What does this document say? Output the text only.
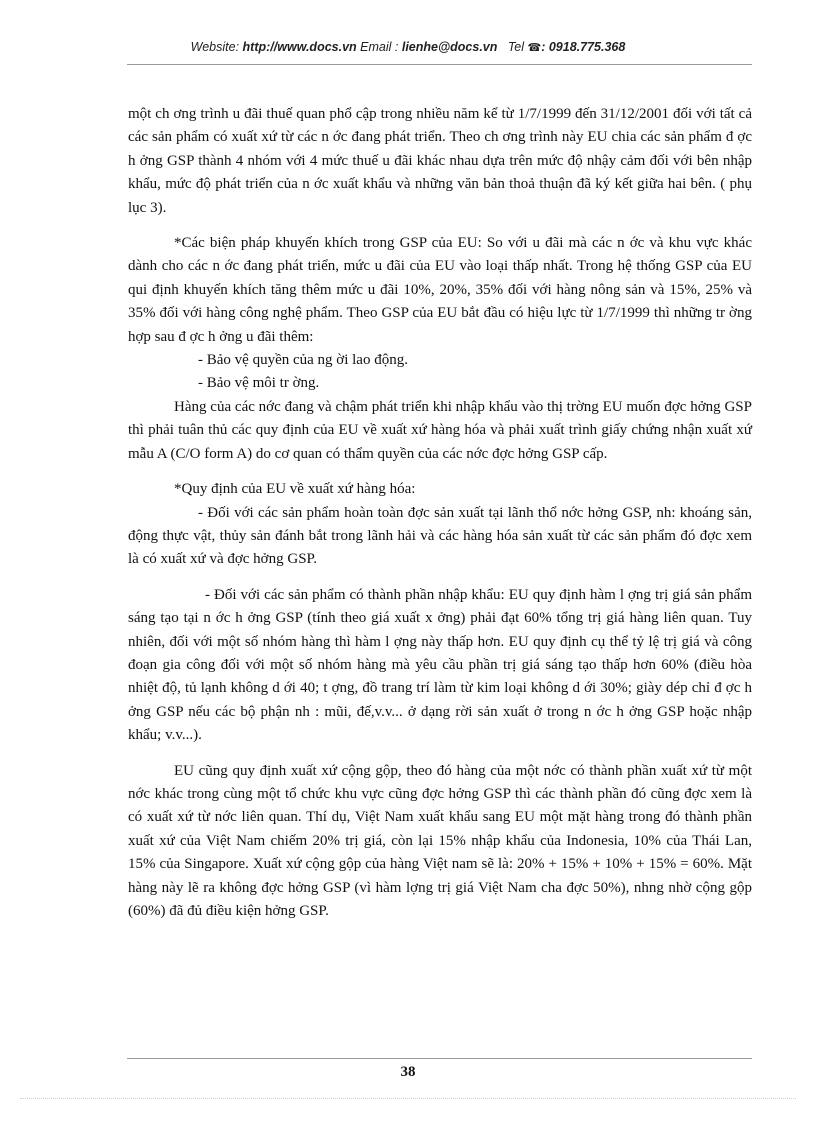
Website: http://www.docs.vn Email : lienhe@docs.vn Tel ☎: 0918.775.368

một ch ơng trình u đãi thuế quan phổ cập trong nhiều năm kể từ 1/7/1999 đến 31/12/2001 đối với tất cả các sản phẩm có xuất xứ từ các n ớc đang phát triển. Theo ch ơng trình này EU chia các sản phẩm đ ợc h ởng GSP thành 4 nhóm với 4 mức thuế u đãi khác nhau dựa trên mức độ nhậy cảm đối với bên nhập khẩu, mức độ phát triển của n ớc xuất khẩu và những văn bản thoả thuận đã ký kết giữa hai bên. ( phụ lục 3).

*Các biện pháp khuyến khích trong GSP của EU: So với u đãi mà các n ớc và khu vực khác dành cho các n ớc đang phát triển, mức u đãi của EU vào loại thấp nhất. Trong hệ thống GSP của EU qui định khuyến khích tăng thêm mức u đãi 10%, 20%, 35% đối với hàng nông sản và 15%, 25% và 35% đối với hàng công nghệ phẩm. Theo GSP của EU bắt đầu có hiệu lực từ 1/7/1999 thì những tr ờng hợp sau đ ợc h ởng u đãi thêm:

- Bảo vệ quyền của ng ời lao động.

- Bảo vệ môi tr ờng.

Hàng của các nớc đang và chậm phát triển khi nhập khẩu vào thị trờng EU muốn đợc hởng GSP thì phải tuân thủ các quy định của EU về xuất xứ hàng hóa và phải xuất trình giấy chứng nhận xuất xứ mẫu A (C/O form A) do cơ quan có thẩm quyền của các nớc đợc hởng GSP cấp.

*Quy định của EU về xuất xứ hàng hóa:

- Đối với các sản phẩm hoàn toàn đợc sản xuất tại lãnh thổ nớc hởng GSP, nh: khoáng sản, động thực vật, thủy sản đánh bắt trong lãnh hải và các hàng hóa sản xuất từ các sản phẩm đó đợc xem là có xuất xứ và đợc hởng GSP.

- Đối với các sản phẩm có thành phần nhập khẩu: EU quy định hàm l ợng trị giá sản phẩm sáng tạo tại n ớc h ởng GSP (tính theo giá xuất x ởng) phải đạt 60% tổng trị giá hàng liên quan. Tuy nhiên, đối với một số nhóm hàng thì hàm l ợng này thấp hơn. EU quy định cụ thể tỷ lệ trị giá và công đoạn gia công đối với một số nhóm hàng mà yêu cầu phần trị giá sáng tạo thấp hơn 60% (điều hòa nhiệt độ, tủ lạnh không d ới 40; t ợng, đồ trang trí làm từ kim loại không d ới 30%; giày dép chỉ đ ợc h ởng GSP nếu các bộ phận nh : mũi, đế,v.v... ở dạng rời sản xuất ở trong n ớc h ởng GSP hoặc nhập khẩu; v.v...).

EU cũng quy định xuất xứ cộng gộp, theo đó hàng của một nớc có thành phần xuất xứ từ một nớc khác trong cùng một tổ chức khu vực cũng đợc hởng GSP thì các thành phần đó cũng đợc xem là có xuất xứ từ nớc liên quan. Thí dụ, Việt Nam xuất khẩu sang EU một mặt hàng trong đó thành phần xuất xứ của Việt Nam chiếm 20% trị giá, còn lại 15% nhập khẩu của Indonesia, 10% của Thái Lan, 15% của Singapore. Xuất xứ cộng gộp của hàng Việt nam sẽ là: 20% + 15% + 10% + 15% = 60%. Mặt hàng này lẽ ra không đợc hởng GSP (vì hàm lợng trị giá Việt Nam cha đợc 50%), nhng nhờ cộng gộp (60%) đã đủ điều kiện hởng GSP.

38
